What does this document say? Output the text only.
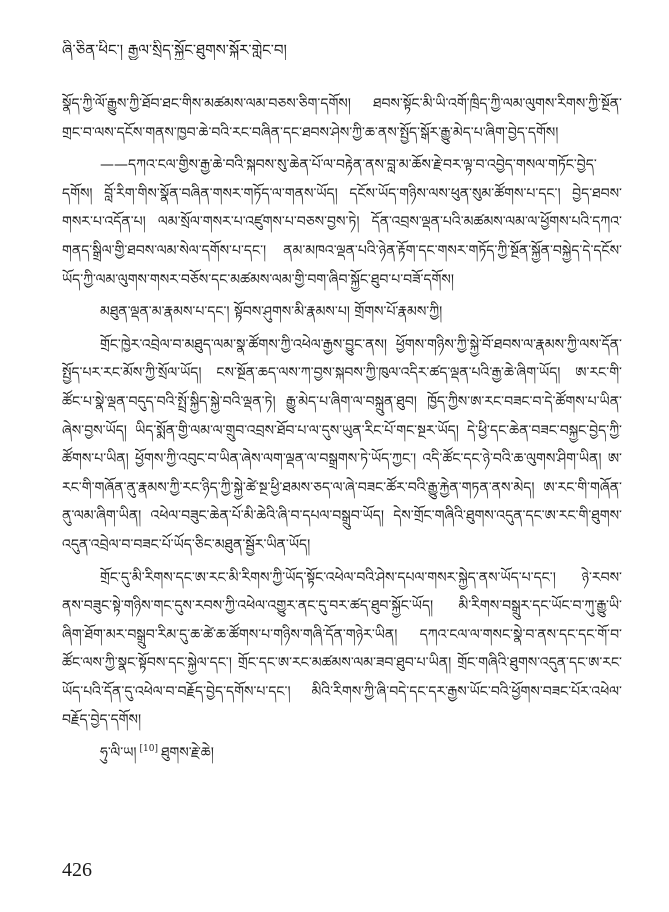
ཞི་ཅིན་ཕིང་། རྒྱལ་སྲིད་སྐྱོང་ཐུགས་སྐོར་གླེང་བ།

སྣོད་ཀྱི་ལོ་རྒྱུས་ཀྱི་ཐོབ་ཐང་གིས་མཚམས་ལམ་བཅས་ཅིག་དགོས། ཐབས་སྟོང་མི་ཡི་འགོ་ཁྲིད་ཀྱི་ལམ་ལུགས་རིགས་ཀྱི་སྔོན་གྲང་བ་ལས་དངོས་གནས་ཁྱབ་ཆེ་བའི་རང་བཞིན་དང་ཐབས་ཤེས་ཀྱི་ཆ་ནས་སྤྱོད་སྒོར་རྒྱུ་མེད་པ་ཞིག་བྱེད་དགོས།

——དཀའ་ངལ་གྱིས་རྒྱ་ཆེ་བའི་སྐབས་སུ་ཆེན་པོ་ལ་བརྟེན་ནས་བླ་མ་ཆོས་རྗེ་བར་ལྟ་བ་འབྱེད་གསལ་གཏོང་བྱེད་དགོས། བློ་རིག་གིས་སྣོན་བཞིན་གསར་གཏོད་ལ་གནས་ཡོད། དངོས་ཡོད་གཉིས་ལས་ཕུན་སུམ་ཚོགས་པ་དང་། བྱེད་ཐབས་གསར་པ་འདོན་པ། ལམ་སྲོལ་གསར་པ་འཛུགས་པ་བཅས་བྱས་ཏེ། དོན་འབྲས་ལྡན་པའི་མཚམས་ལམ་ལ་ཕྱོགས་པའི་དཀའ་གནད་སྒྲིལ་གྱི་ཐབས་ལམ་སེལ་དགོས་པ་དང་། ནམ་མཁའ་ལྡན་པའི་ཉེན་རྟོག་དང་གསར་གཏོད་ཀྱི་སྔོན་སྐྱོན་བསྐྱེད་དེ་དངོས་ཡོད་ཀྱི་ལམ་ལུགས་གསར་བཅོས་དང་མཚམས་ལམ་གྱི་བག་ཞིབ་སྐྱོང་ཐུབ་པ་བཟོ་དགོས།

མཐུན་ལྡན་མ་རྣམས་པ་དང་། སྟོབས་ཤུགས་མི་རྣམས་པ། གྲོགས་པོ་རྣམས་ཀྱི།

གྲོང་ཁྱེར་འབྲེལ་བ་མཐུད་ལམ་སྣ་ཚོགས་ཀྱི་འཕེལ་རྒྱས་བྱུང་ནས། ཕྱོགས་གཉིས་ཀྱི་སྐྱེ་བོ་ཐབས་ལ་རྣམས་ཀྱི་ལས་དོན་སྤྱོད་པར་རང་མོས་ཀྱི་སྲོལ་ཡོད། ངས་སྔོན་ཆད་ལས་ཀ་བྱས་སྐབས་ཀྱི་ཁུལ་འདིར་ཚད་ལྡན་པའི་རྒྱ་ཆེ་ཞིག་ཡོད། ཨ་རང་གི་ཚོང་པ་སྣེ་ལྡན་བདུད་བའི་སྤྲོ་སྐྱིད་སྐྱེ་བའི་ལྡན་ཏེ། རྒྱུ་མེད་པ་ཞིག་ལ་བསྐྲུན་ཐུབ། ཁྱོད་ཀྱིས་ཨ་རང་བཟང་བ་དེ་ཚོགས་པ་ཡིན་ཞེས་བྱས་ཡོད། ཡིད་སྨོན་གྱི་ལམ་ལ་གྲུབ་འབྲས་ཐོབ་པ་ལ་དུས་ཡུན་རིང་པོ་གང་སྔར་ཡོད། དེ་ཕྱི་དང་ཆེན་བཟང་བསྐྱང་བྱེད་ཀྱི་ཚོགས་པ་ཡིན། ཕྱོགས་ཀྱི་འབུང་བ་ཡིན་ཞེས་ལག་ལྡན་ལ་བསྒྲགས་ཏེ་ཡོད་ཀྱང་། འདི་ཚོང་དང་ཉེ་བའི་ཆ་ལུགས་ཤིག་ཡིན། ཨ་རང་གི་གཞོན་ནུ་རྣམས་ཀྱི་རང་ཉིད་ཀྱི་སྐྱེ་ཚེ་སྔ་ཕྱི་ཐམས་ཅད་ལ་ཞེ་བཟང་ཚོར་བའི་རྒྱུ་རྐྱེན་གཏན་ནས་མེད། ཨ་རང་གི་གཞོན་ནུ་ལམ་ཞིག་ཡིན། འཕེལ་བཟུང་ཆེན་པོ་མི་ཆེའི་ཞི་བ་དཔལ་བསྒྲུབ་ཡོད། དེས་གྲོང་གཞིའི་ཐུགས་འདུན་དང་ཨ་རང་གི་ཐུགས་འདུན་འབྲེལ་བ་བཟང་པོ་ཡོད་ཅིང་མཐུན་སྦྱོར་ཡིན་ཡོད།

གྲོང་དུ་མི་རིགས་དང་ཨ་རང་མི་རིགས་ཀྱི་ཡོད་སྟོང་འཕེལ་བའི་ཤེས་དཔལ་གསར་སྐྱེད་ནས་ཡོད་པ་དང་། ཉེ་རབས་ནས་བཟུང་སྟེ་གཉིས་གང་དུས་རབས་ཀྱི་འཕེལ་འགྱུར་ནང་དུ་བར་ཚད་ཐུབ་སྐྱོང་ཡོད། མི་རིགས་བསྒྲུར་དང་ཡོང་བ་ཀུ་རྒྱུ་ཡི་ཞིག་ཐོག་མར་བསྒྲུབ་རིམ་དུ་ཆ་ཚེ་ཆ་ཚོགས་པ་གཉིས་གཞི་དོན་གཉེར་ཡིན། དཀའ་ངལ་ལ་གསང་སྣེ་བ་ནས་དང་དང་གོ་བ་ཚོང་ལས་ཀྱི་སྣང་སྟོབས་དང་སྐྱེལ་དང་། གྲོང་དང་ཨ་རང་མཚམས་ལམ་ཟབ་ཐུབ་པ་ཡིན། གྲོང་གཞིའི་ཐུགས་འདུན་དང་ཨ་རང་ཡོད་པའི་དོན་དུ་འཕེལ་བ་བརྗོད་བྱེད་དགོས་པ་དང་། མིའི་རིགས་ཀྱི་ཞི་བདེ་དང་དར་རྒྱས་ཡོང་བའི་ཕྱོགས་བཟང་པོར་འཕེལ་བརྗོད་བྱེད་དགོས།

ཧུ་ལི་ཡ། [10] ཐུགས་རྗེ་ཆེ།

426
